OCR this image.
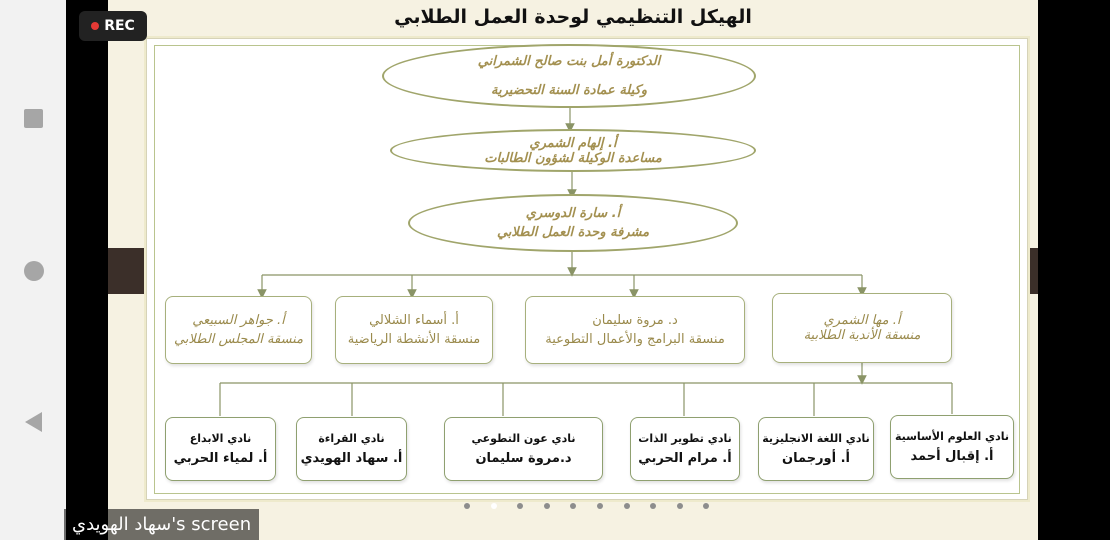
الهيكل التنظيمي لوحدة العمل الطلابي
الدكتورة أمل بنت صالح الشمراني
وكيلة عمادة السنة التحضيرية
أ. إلهام الشمري
مساعدة الوكيلة لشؤون الطالبات
أ. سارة الدوسري
مشرفة وحدة العمل الطلابي
أ. مها الشمري
منسقة الأندية الطلابية
د. مروة سليمان
منسقة البرامج والأعمال التطوعية
أ. أسماء الشلالي
منسقة الأنشطة الرياضية
أ. جواهر السبيعي
منسقة المجلس الطلابي
نادي العلوم الأساسية
أ. إقبال أحمد
نادي اللغة الانجليزية
أ. أورجمان
نادي تطوير الذات
أ. مرام الحربي
نادي عون التطوعي
د.مروة سليمان
نادي القراءة
أ. سهاد الهويدي
نادي الابداع
أ. لمياء الحربي
REC
سهاد الهويدي's screen
